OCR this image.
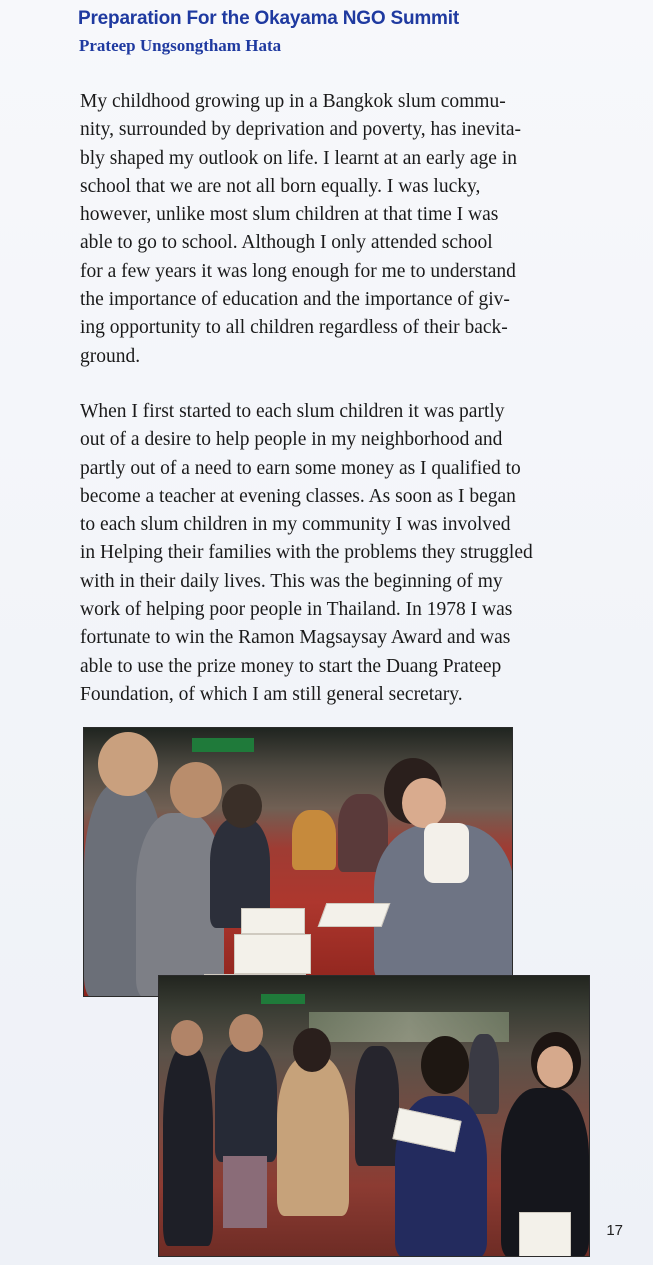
Preparation For the Okayama NGO Summit
Prateep Ungsongtham Hata

My childhood growing up in a Bangkok slum commu-
nity, surrounded by deprivation and poverty, has inevita-
bly shaped my outlook on life. I learnt at an early age in
school that we are not all born equally. I was lucky,
however, unlike most slum children at that time I was
able to go to school. Although I only attended school
for a few years it was long enough for me to understand
the importance of education and the importance of giv-
ing opportunity to all children regardless of their back-
ground.

When I first started to each slum children it was partly
out of a desire to help people in my neighborhood and
partly out of a need to earn some money as I qualified to
become a teacher at evening classes. As soon as I began
to each slum children in my community I was involved
in Helping their families with the problems they struggled
with in their daily lives. This was the beginning of my
work of helping poor people in Thailand. In 1978 I was
fortunate to win the Ramon Magsaysay Award and was
able to use the prize money to start the Duang Prateep
Foundation, of which I am still general secretary.

17
